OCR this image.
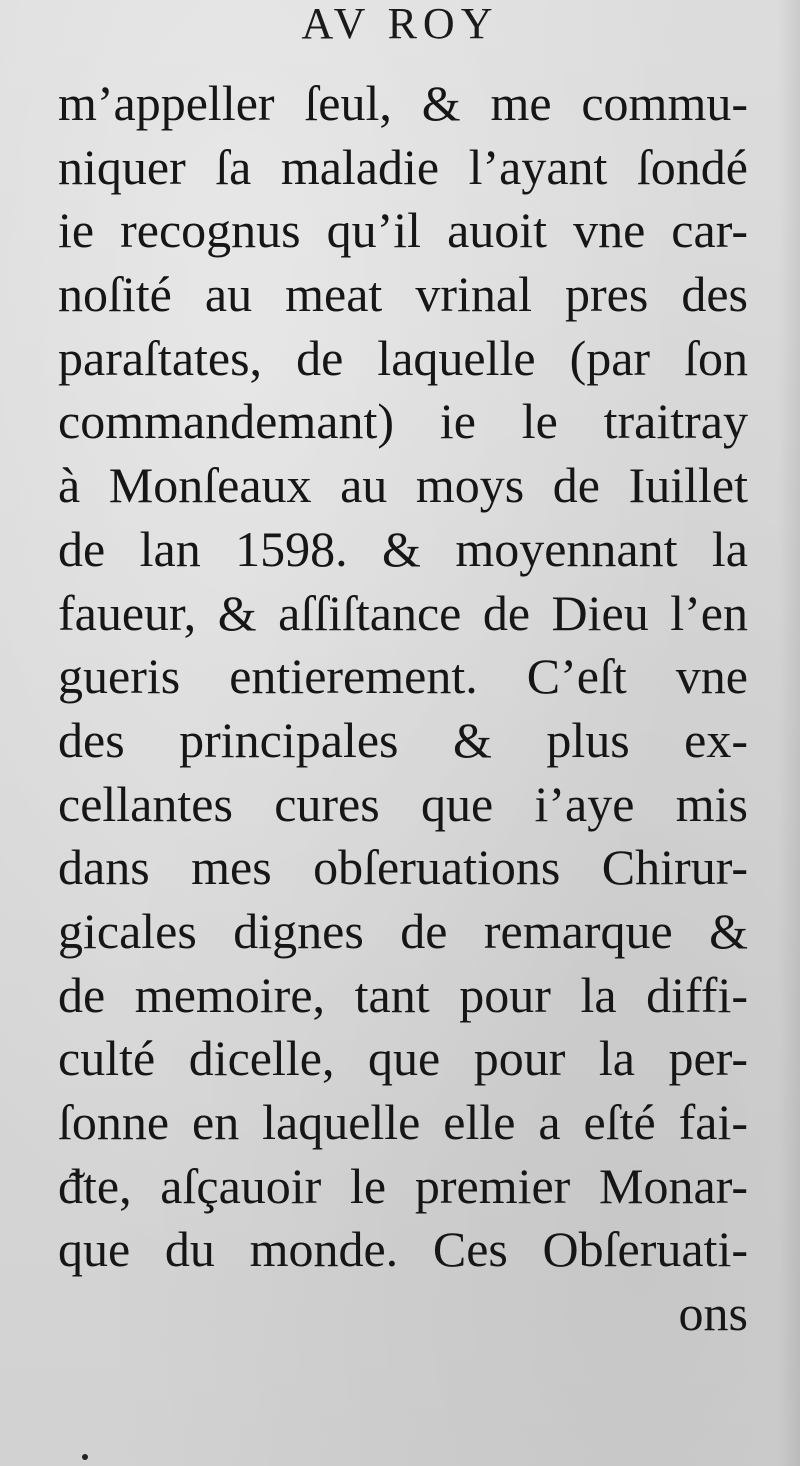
AV ROY
m’appeller ſeul, & me commu-
niquer ſa maladie l’ayant ſondé
ie recognus qu’il auoit vne car-
noſité au meat vrinal pres des
paraſtates, de laquelle (par ſon
commandemant) ie le traitray
à Monſeaux au moys de Iuillet
de lan 1598. & moyennant la
faueur, & aſſiſtance de Dieu l’en
gueris entierement. C’eſt vne
des principales & plus ex-
cellantes cures que i’aye mis
dans mes obſeruations Chirur-
gicales dignes de remarque &
de memoire, tant pour la diffi-
culté dicelle, que pour la per-
ſonne en laquelle elle a eſté fai-
ᵭte, aſçauoir le premier Monar-
que du monde. Ces Obſeruati-
ons
